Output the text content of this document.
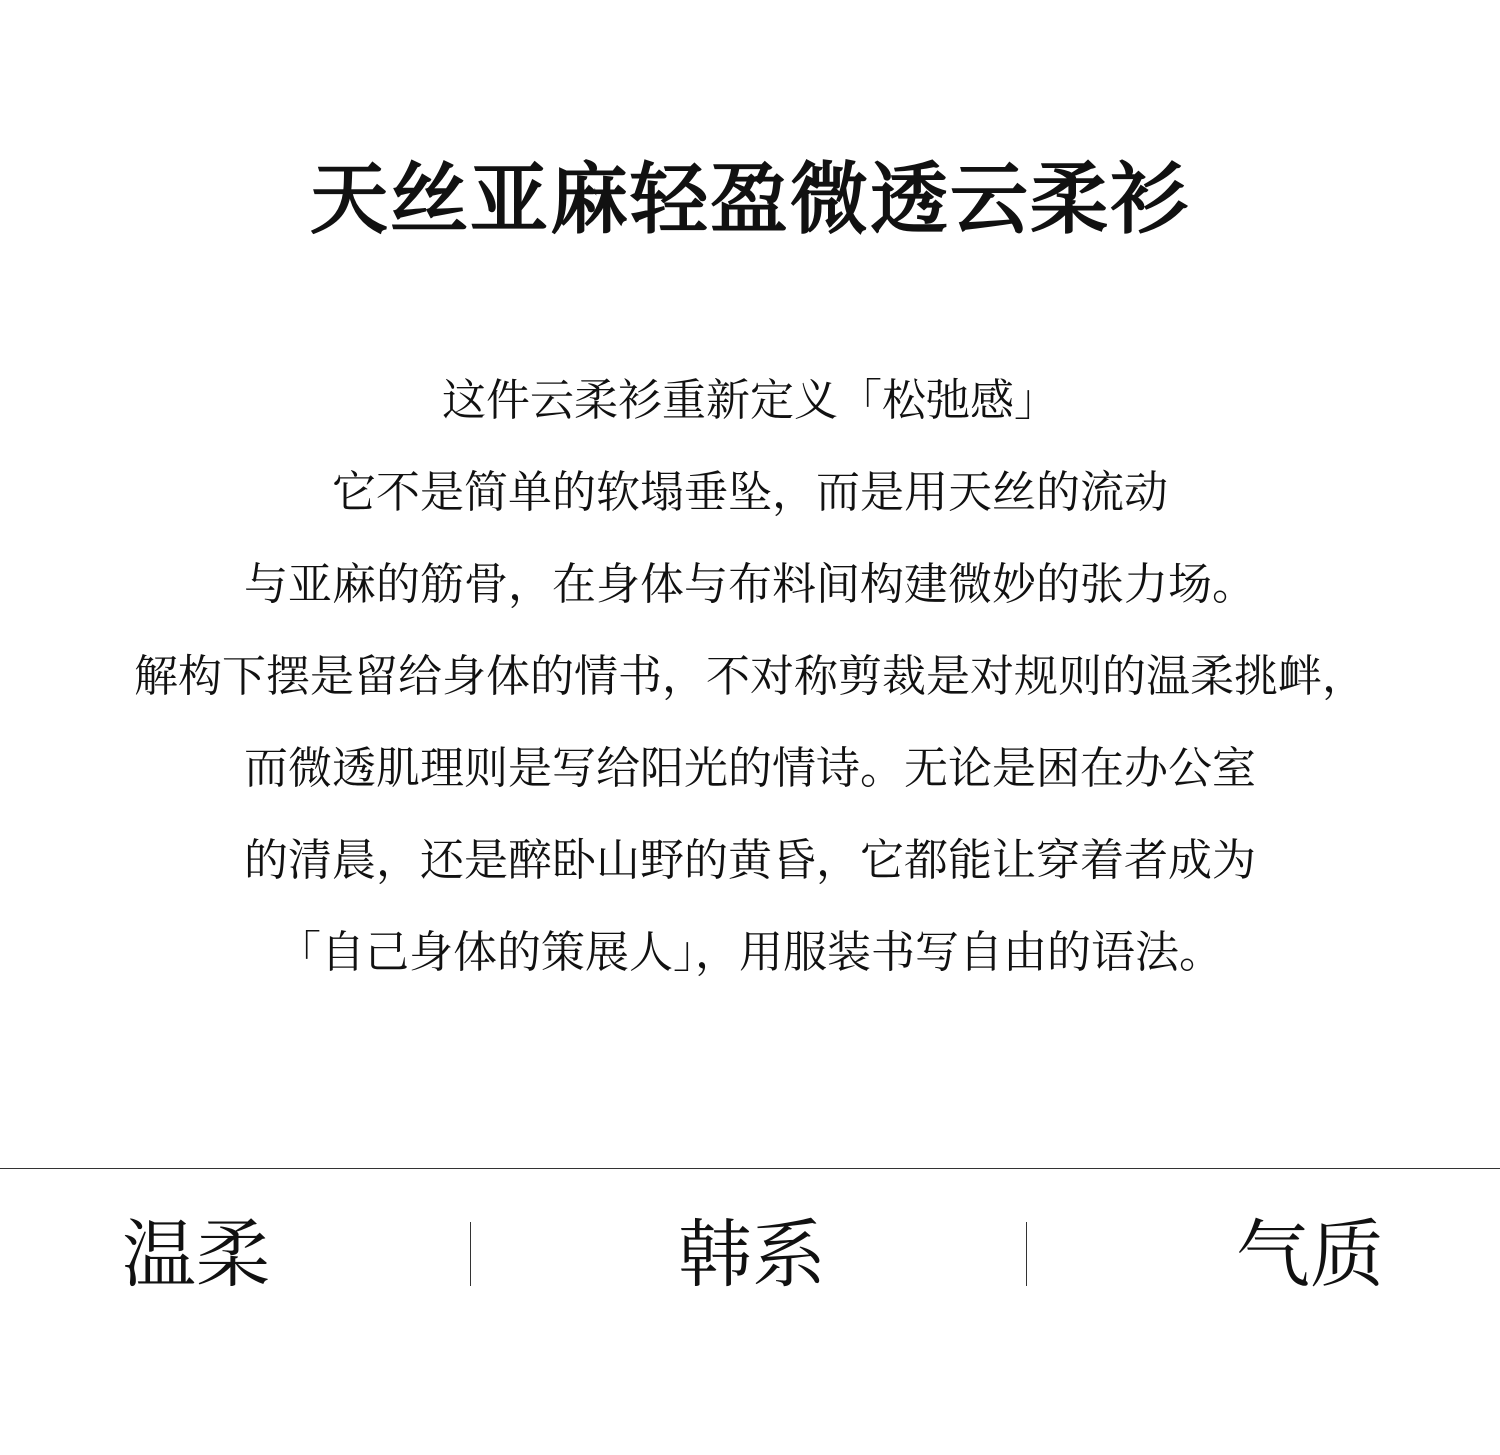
天丝亚麻轻盈微透云柔衫
这件云柔衫重新定义「松弛感」
它不是简单的软塌垂坠，而是用天丝的流动
与亚麻的筋骨，在身体与布料间构建微妙的张力场。
解构下摆是留给身体的情书，不对称剪裁是对规则的温柔挑衅，
而微透肌理则是写给阳光的情诗。无论是困在办公室
的清晨，还是醉卧山野的黄昏，它都能让穿着者成为
「自己身体的策展人」，用服装书写自由的语法。
温柔	韩系	气质
